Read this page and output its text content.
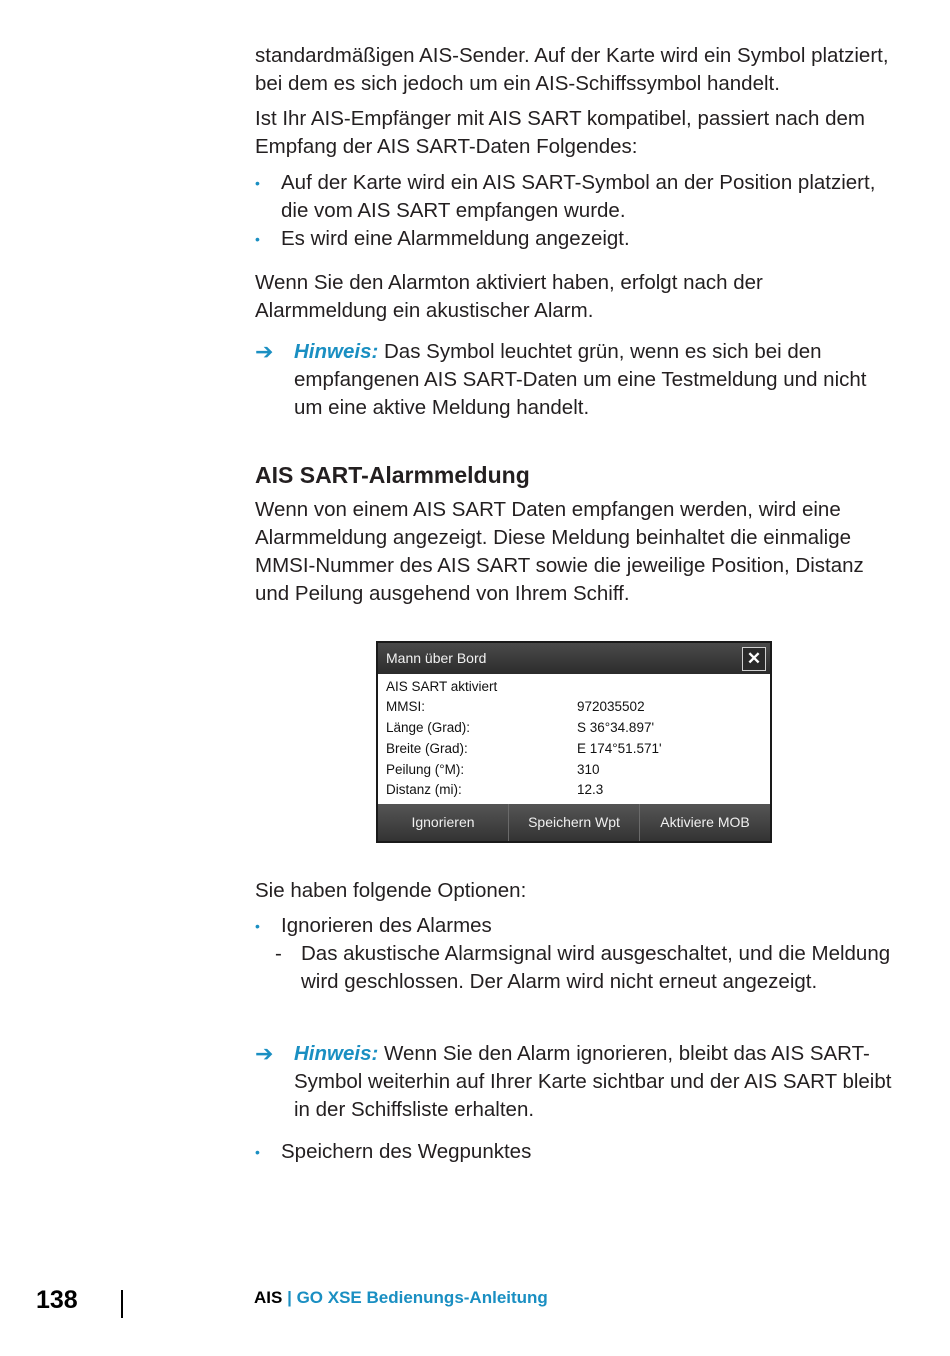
standardmäßigen AIS-Sender. Auf der Karte wird ein Symbol platziert, bei dem es sich jedoch um ein AIS-Schiffssymbol handelt.

Ist Ihr AIS-Empfänger mit AIS SART kompatibel, passiert nach dem Empfang der AIS SART-Daten Folgendes:

• Auf der Karte wird ein AIS SART-Symbol an der Position platziert, die vom AIS SART empfangen wurde.
• Es wird eine Alarmmeldung angezeigt.

Wenn Sie den Alarmton aktiviert haben, erfolgt nach der Alarmmeldung ein akustischer Alarm.

➔ Hinweis: Das Symbol leuchtet grün, wenn es sich bei den empfangenen AIS SART-Daten um eine Testmeldung und nicht um eine aktive Meldung handelt.
AIS SART-Alarmmeldung

Wenn von einem AIS SART Daten empfangen werden, wird eine Alarmmeldung angezeigt. Diese Meldung beinhaltet die einmalige MMSI-Nummer des AIS SART sowie die jeweilige Position, Distanz und Peilung ausgehend von Ihrem Schiff.

Mann über Bord	✕
AIS SART aktiviert
MMSI:	972035502
Länge (Grad):	S 36°34.897'
Breite (Grad):	E 174°51.571'
Peilung (°M):	310
Distanz (mi):	12.3
Ignorieren	Speichern Wpt	Aktiviere MOB

Sie haben folgende Optionen:

• Ignorieren des Alarmes
- Das akustische Alarmsignal wird ausgeschaltet, und die Meldung wird geschlossen. Der Alarm wird nicht erneut angezeigt.
➔ Hinweis: Wenn Sie den Alarm ignorieren, bleibt das AIS SART-Symbol weiterhin auf Ihrer Karte sichtbar und der AIS SART bleibt in der Schiffsliste erhalten.
• Speichern des Wegpunktes
138	AIS | GO XSE Bedienungs-Anleitung
